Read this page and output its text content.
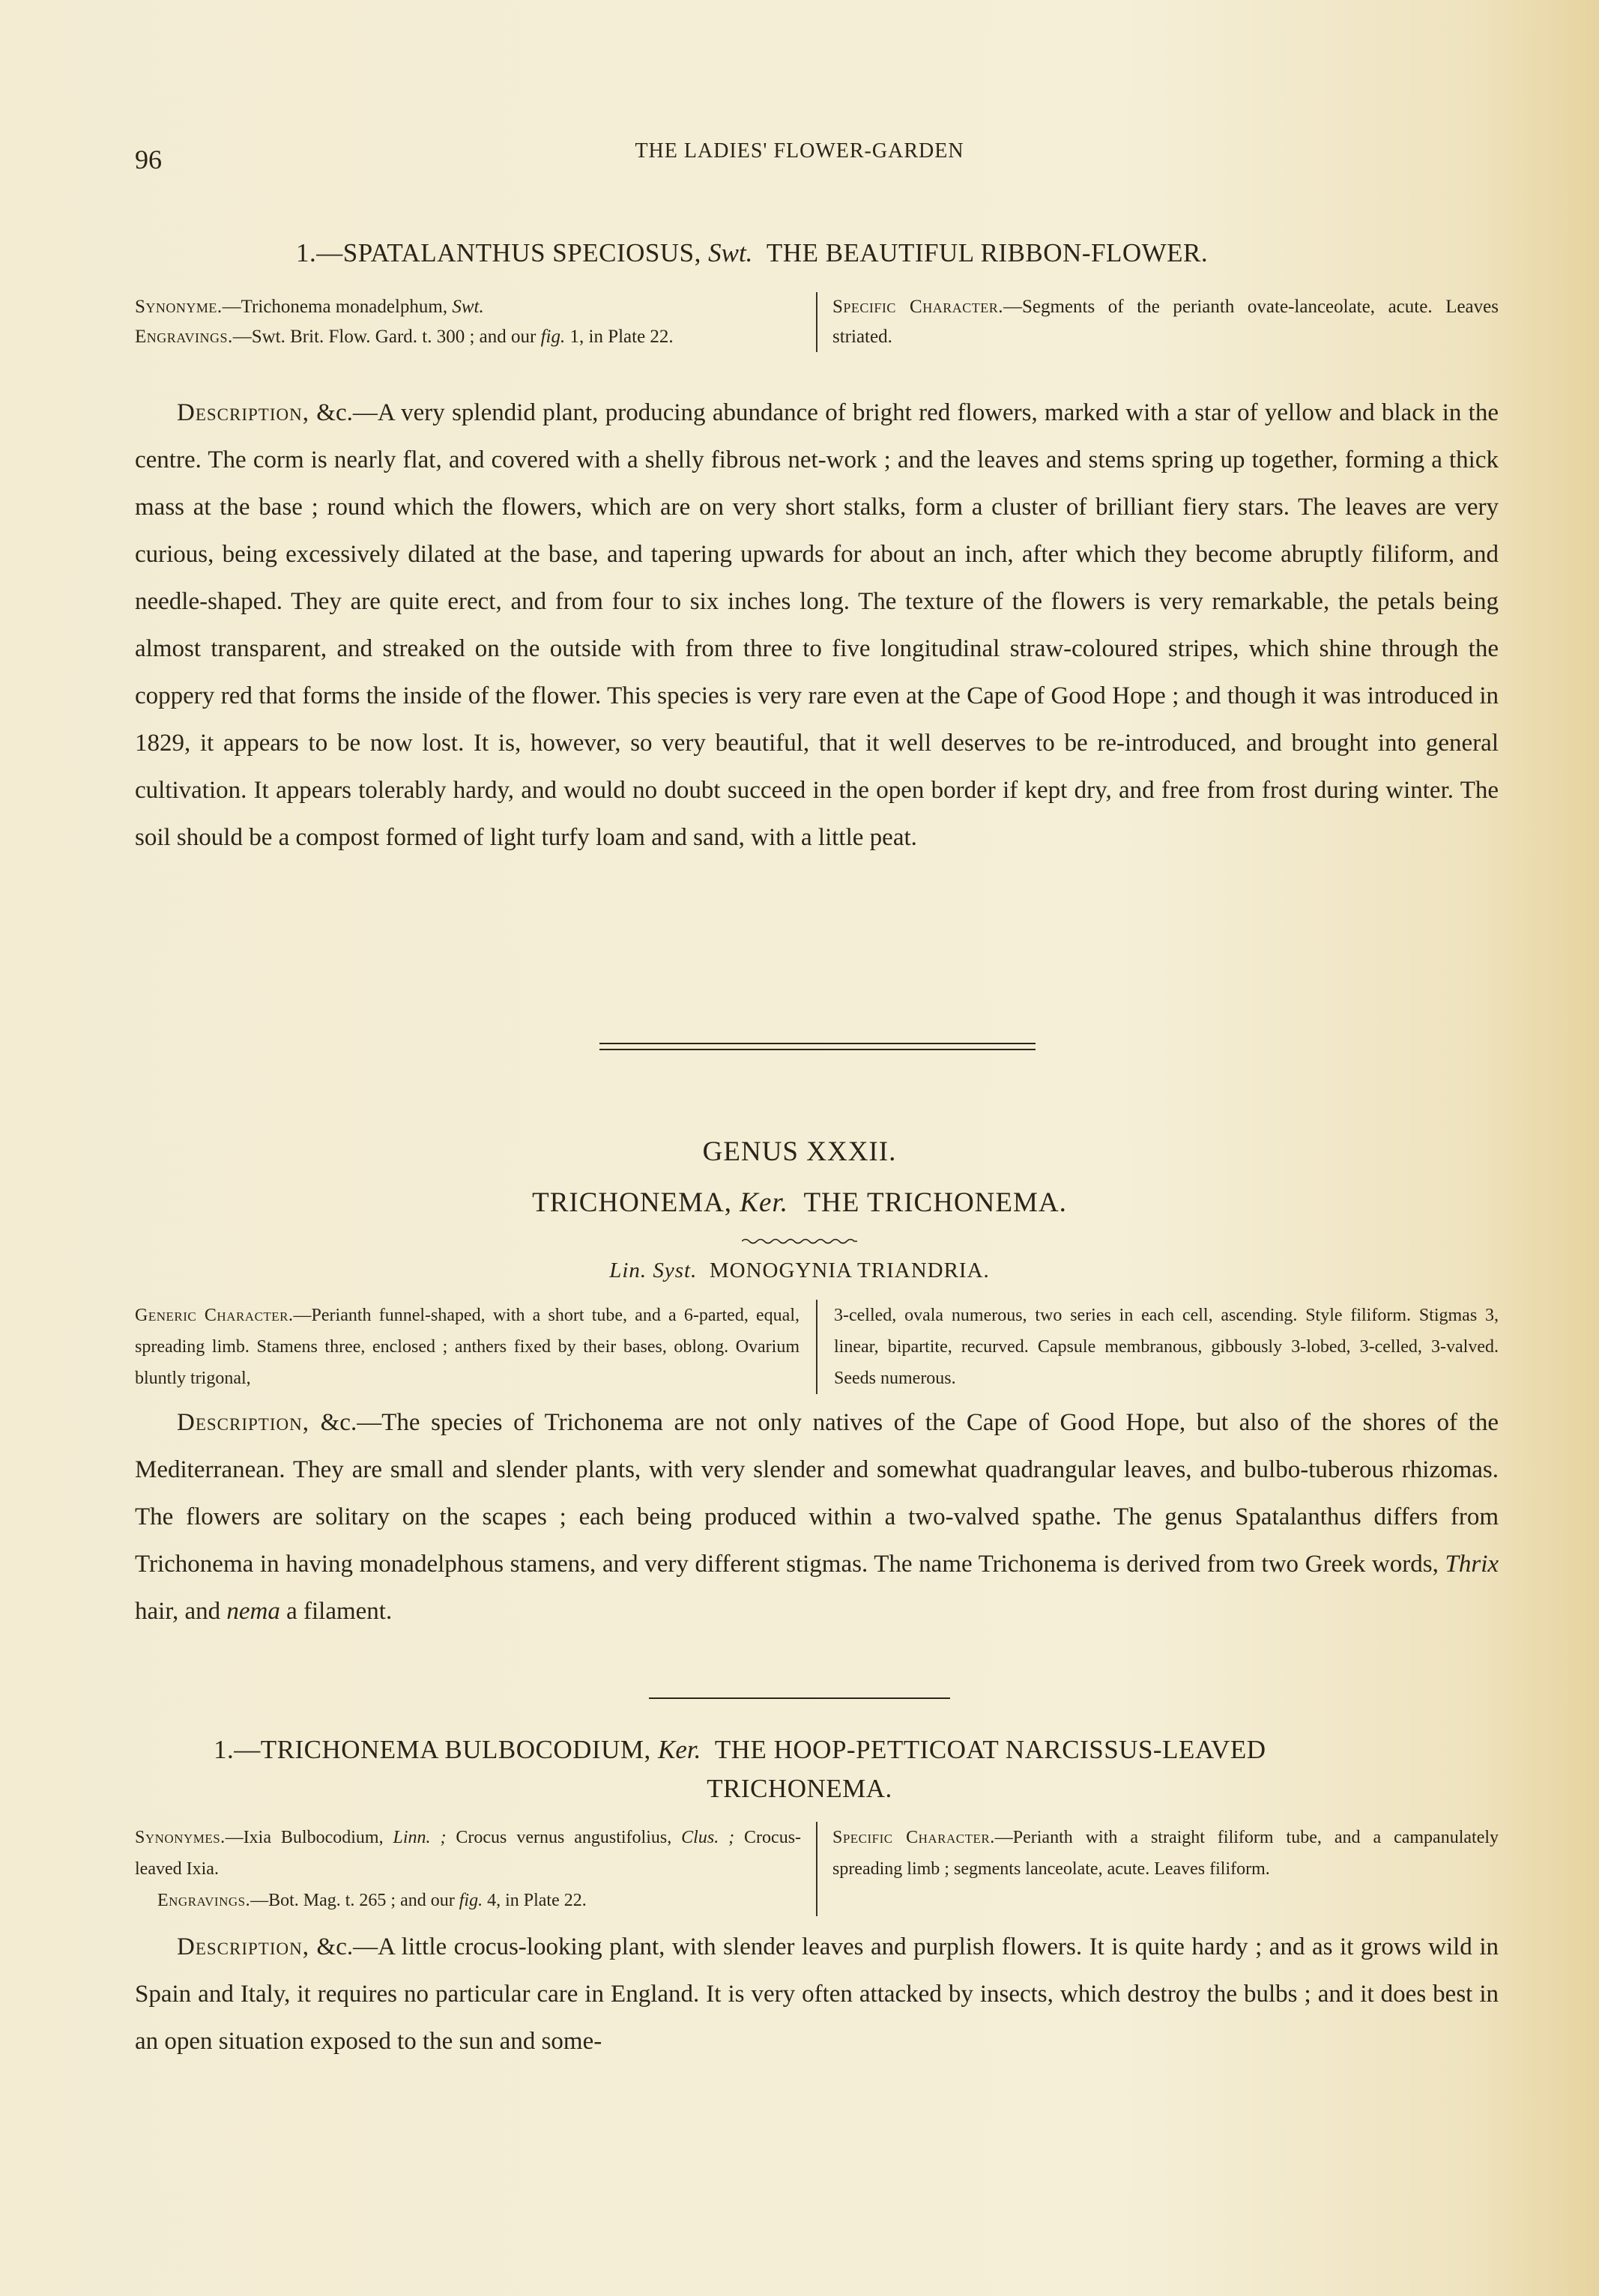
96	THE LADIES' FLOWER-GARDEN
1.—SPATALANTHUS SPECIOSUS, Swt. THE BEAUTIFUL RIBBON-FLOWER.
Synonyme.—Trichonema monadelphum, Swt.
Engravings.—Swt. Brit. Flow. Gard. t. 300 ; and our fig. 1, in Plate 22.
Specific Character.—Segments of the perianth ovate-lanceolate, acute. Leaves striated.
Description, &c.—A very splendid plant, producing abundance of bright red flowers, marked with a star of yellow and black in the centre. The corm is nearly flat, and covered with a shelly fibrous net-work ; and the leaves and stems spring up together, forming a thick mass at the base ; round which the flowers, which are on very short stalks, form a cluster of brilliant fiery stars. The leaves are very curious, being excessively dilated at the base, and tapering upwards for about an inch, after which they become abruptly filiform, and needle-shaped. They are quite erect, and from four to six inches long. The texture of the flowers is very remarkable, the petals being almost transparent, and streaked on the outside with from three to five longitudinal straw-coloured stripes, which shine through the coppery red that forms the inside of the flower. This species is very rare even at the Cape of Good Hope ; and though it was introduced in 1829, it appears to be now lost. It is, however, so very beautiful, that it well deserves to be re-introduced, and brought into general cultivation. It appears tolerably hardy, and would no doubt succeed in the open border if kept dry, and free from frost during winter. The soil should be a compost formed of light turfy loam and sand, with a little peat.
GENUS XXXII.
TRICHONEMA, Ker. THE TRICHONEMA.
Lin. Syst. MONOGYNIA TRIANDRIA.
Generic Character.—Perianth funnel-shaped, with a short tube, and a 6-parted, equal, spreading limb. Stamens three, enclosed ; anthers fixed by their bases, oblong. Ovarium bluntly trigonal,
3-celled, ovala numerous, two series in each cell, ascending. Style filiform. Stigmas 3, linear, bipartite, recurved. Capsule membranous, gibbously 3-lobed, 3-celled, 3-valved. Seeds numerous.
Description, &c.—The species of Trichonema are not only natives of the Cape of Good Hope, but also of the shores of the Mediterranean. They are small and slender plants, with very slender and somewhat quadrangular leaves, and bulbo-tuberous rhizomas. The flowers are solitary on the scapes ; each being produced within a two-valved spathe. The genus Spatalanthus differs from Trichonema in having monadelphous stamens, and very different stigmas. The name Trichonema is derived from two Greek words, Thrix hair, and nema a filament.
1.—TRICHONEMA BULBOCODIUM, Ker. THE HOOP-PETTICOAT NARCISSUS-LEAVED
TRICHONEMA.
Synonymes.—Ixia Bulbocodium, Linn. ; Crocus vernus angustifolius, Clus. ; Crocus-leaved Ixia.
Engravings.—Bot. Mag. t. 265 ; and our fig. 4, in Plate 22.
Specific Character.—Perianth with a straight filiform tube, and a campanulately spreading limb ; segments lanceolate, acute. Leaves filiform.
Description, &c.—A little crocus-looking plant, with slender leaves and purplish flowers. It is quite hardy ; and as it grows wild in Spain and Italy, it requires no particular care in England. It is very often attacked by insects, which destroy the bulbs ; and it does best in an open situation exposed to the sun and some-
